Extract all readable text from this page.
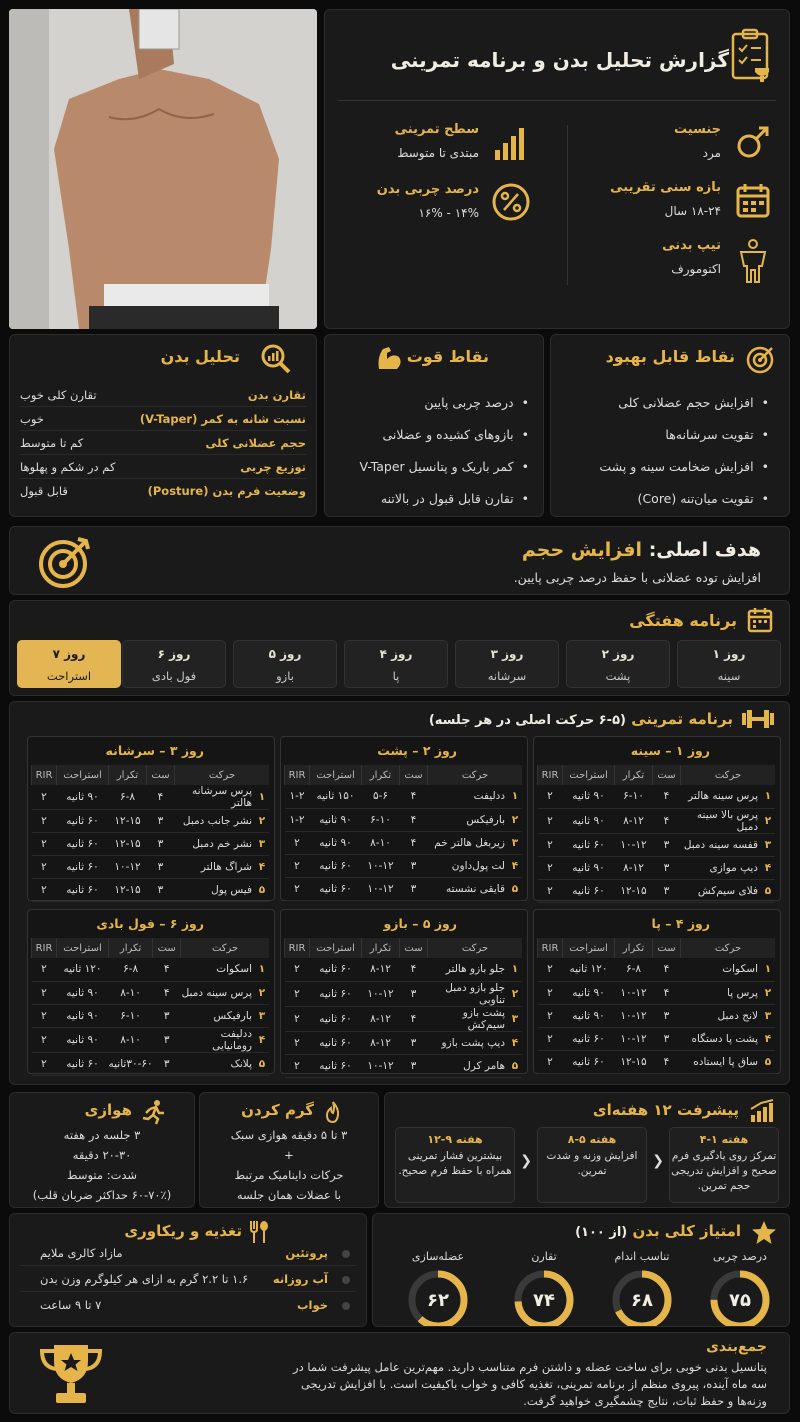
گزارش تحلیل بدن و برنامه تمرینی
جنسیت
مرد
بازه سنی تقریبی
۱۸-۲۴ سال
تیپ بدنی
اکتومورف
سطح تمرینی
مبتدی تا متوسط
درصد چربی بدن
۱۴% - ۱۶%
نقاط قابل بهبود
• افزایش حجم عضلانی کلی
• تقویت سرشانه‌ها
• افزایش ضخامت سینه و پشت
• تقویت میان‌تنه (Core)
نقاط قوت
• درصد چربی پایین
• بازوهای کشیده و عضلانی
• کمر باریک و پتانسیل V-Taper
• تقارن قابل قبول در بالاتنه
تحلیل بدن
تقارن بدن
تقارن کلی خوب
نسبت شانه به کمر (V-Taper)
خوب
حجم عضلانی کلی
کم تا متوسط
توزیع چربی
کم در شکم و پهلوها
وضعیت فرم بدن (Posture)
قابل قبول
هدف اصلی: افزایش حجم
افزایش توده عضلانی با حفظ درصد چربی پایین.
برنامه هفتگی
روز ۱
سینه
روز ۲
پشت
روز ۳
سرشانه
روز ۴
پا
روز ۵
بازو
روز ۶
فول بادی
روز ۷
استراحت
برنامه تمرینی (۵-۶ حرکت اصلی در هر جلسه)
روز ۱ – سینه
حرکت		ست	تکرار	استراحت	RIR
۱	پرس سینه هالتر	۴	۶-۱۰	۹۰ ثانیه	۲
۲	پرس بالا سینه دمبل	۴	۸-۱۲	۹۰ ثانیه	۲
۳	قفسه سینه دمبل	۳	۱۰-۱۲	۶۰ ثانیه	۲
۴	دیپ موازی	۳	۸-۱۲	۹۰ ثانیه	۲
۵	فلای سیم‌کش	۳	۱۲-۱۵	۶۰ ثانیه	۲
روز ۲ – پشت
حرکت		ست	تکرار	استراحت	RIR
۱	ددلیفت	۴	۵-۶	۱۵۰ ثانیه	۱-۲
۲	بارفیکس	۴	۶-۱۰	۹۰ ثانیه	۱-۲
۳	زیربغل هالتر خم	۴	۸-۱۰	۹۰ ثانیه	۲
۴	لت پول‌داون	۳	۱۰-۱۲	۶۰ ثانیه	۲
۵	قایقی نشسته	۳	۱۰-۱۲	۶۰ ثانیه	۲
روز ۳ – سرشانه
حرکت		ست	تکرار	استراحت	RIR
۱	پرس سرشانه هالتر	۴	۶-۸	۹۰ ثانیه	۲
۲	نشر جانب دمبل	۳	۱۲-۱۵	۶۰ ثانیه	۲
۳	نشر خم دمبل	۳	۱۲-۱۵	۶۰ ثانیه	۲
۴	شراگ هالتر	۳	۱۰-۱۲	۶۰ ثانیه	۲
۵	فیس پول	۳	۱۲-۱۵	۶۰ ثانیه	۲
روز ۴ – پا
حرکت		ست	تکرار	استراحت	RIR
۱	اسکوات	۴	۶-۸	۱۲۰ ثانیه	۲
۲	پرس پا	۴	۱۰-۱۲	۹۰ ثانیه	۲
۳	لانج دمبل	۳	۱۰-۱۲	۹۰ ثانیه	۲
۴	پشت پا دستگاه	۳	۱۰-۱۲	۶۰ ثانیه	۲
۵	ساق پا ایستاده	۴	۱۲-۱۵	۶۰ ثانیه	۲
روز ۵ – بازو
حرکت		ست	تکرار	استراحت	RIR
۱	جلو بازو هالتر	۴	۸-۱۲	۶۰ ثانیه	۲
۲	جلو بازو دمبل تناوبی	۳	۱۰-۱۲	۶۰ ثانیه	۲
۳	پشت بازو سیم‌کش	۴	۸-۱۲	۶۰ ثانیه	۲
۴	دیپ پشت بازو	۳	۸-۱۲	۶۰ ثانیه	۲
۵	هامر کرل	۳	۱۰-۱۲	۶۰ ثانیه	۲
روز ۶ – فول بادی
حرکت		ست	تکرار	استراحت	RIR
۱	اسکوات	۴	۶-۸	۱۲۰ ثانیه	۲
۲	پرس سینه دمبل	۴	۸-۱۰	۹۰ ثانیه	۲
۳	بارفیکس	۳	۶-۱۰	۹۰ ثانیه	۲
۴	ددلیفت رومانیایی	۳	۸-۱۰	۹۰ ثانیه	۲
۵	پلانک	۳	۳۰-۶۰ثانیه	۶۰ ثانیه	۲
پیشرفت ۱۲ هفته‌ای
هفته ۱-۴
تمرکز روی یادگیری فرم صحیح و افزایش تدریجی حجم تمرین.
❮
هفته ۵-۸
افزایش وزنه و شدت تمرین.
❮
هفته ۹-۱۲
بیشترین فشار تمرینی همراه با حفظ فرم صحیح.
گرم کردن
۳ تا ۵ دقیقه هوازی سبک
+
حرکات داینامیک مرتبط
با عضلات همان جلسه
هوازی
۳ جلسه در هفته
۲۰-۳۰ دقیقه
شدت: متوسط
(۶۰-۷۰٪ حداکثر ضربان قلب)
امتیاز کلی بدن (از ۱۰۰)
درصد چربی
۷۵
تناسب اندام
۶۸
تقارن
۷۴
عضله‌سازی
۶۲
تغذیه و ریکاوری
پروتئین
مازاد کالری ملایم
آب روزانه
۱.۶ تا ۲.۲ گرم به ازای هر کیلوگرم وزن بدن
خواب
۷ تا ۹ ساعت
جمع‌بندی
پتانسیل بدنی خوبی برای ساخت عضله و داشتن فرم متناسب دارید. مهم‌ترین عامل پیشرفت شما در
سه ماه آینده، پیروی منظم از برنامه تمرینی، تغذیه کافی و خواب باکیفیت است. با افزایش تدریجی
وزنه‌ها و حفظ ثبات، نتایج چشمگیری خواهید گرفت.
